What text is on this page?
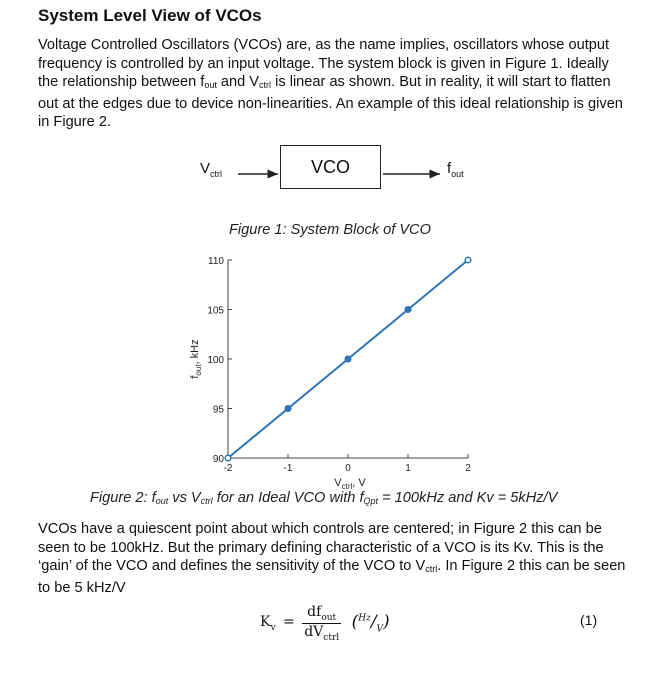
System Level View of VCOs

Voltage Controlled Oscillators (VCOs) are, as the name implies, oscillators whose output frequency is controlled by an input voltage. The system block is given in Figure 1. Ideally the relationship between fout and Vctrl is linear as shown. But in reality, it will start to flatten out at the edges due to device non-linearities. An example of this ideal relationship is given in Figure 2.

$V_{ctrl}$	VCO	$f_{out}$
Figure 1: System Block of VCO
90
95
100
105
110
-2	-1	0	1	2
$V_{ctrl}$, V
$f_{out}$, kHz
Figure 2: fout vs Vctrl for an Ideal VCO with fQpt = 100kHz and Kv = 5kHz/V

VCOs have a quiescent point about which controls are centered; in Figure 2 this can be seen to be 100kHz. But the primary defining characteristic of a VCO is its Kv. This is the ‘gain’ of the VCO and defines the sensitivity of the VCO to Vctrl. In Figure 2 this can be seen to be 5 kHz/V

$K_v$ =
$df_{out}$
$dV_{ctrl}$
$(^{Hz}/_V)$	(1)
